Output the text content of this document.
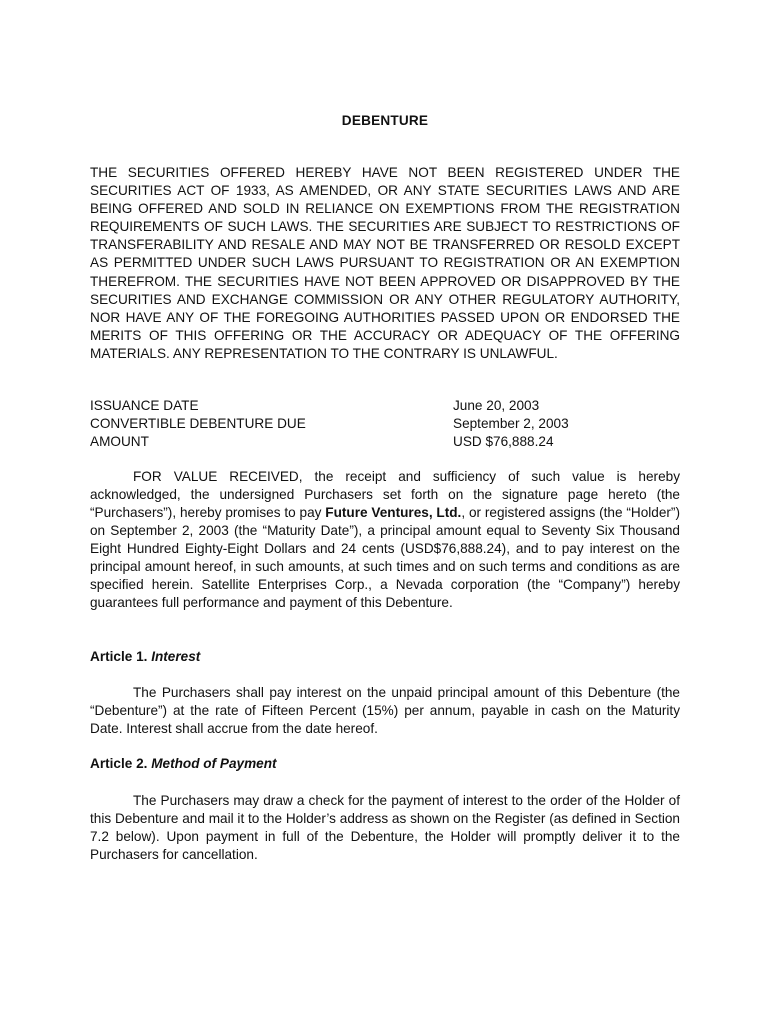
DEBENTURE
THE SECURITIES OFFERED HEREBY HAVE NOT BEEN REGISTERED UNDER THE SECURITIES ACT OF 1933, AS AMENDED, OR ANY STATE SECURITIES LAWS AND ARE BEING OFFERED AND SOLD IN RELIANCE ON EXEMPTIONS FROM THE REGISTRATION REQUIREMENTS OF SUCH LAWS. THE SECURITIES ARE SUBJECT TO RESTRICTIONS OF TRANSFERABILITY AND RESALE AND MAY NOT BE TRANSFERRED OR RESOLD EXCEPT AS PERMITTED UNDER SUCH LAWS PURSUANT TO REGISTRATION OR AN EXEMPTION THEREFROM. THE SECURITIES HAVE NOT BEEN APPROVED OR DISAPPROVED BY THE SECURITIES AND EXCHANGE COMMISSION OR ANY OTHER REGULATORY AUTHORITY, NOR HAVE ANY OF THE FOREGOING AUTHORITIES PASSED UPON OR ENDORSED THE MERITS OF THIS OFFERING OR THE ACCURACY OR ADEQUACY OF THE OFFERING MATERIALS. ANY REPRESENTATION TO THE CONTRARY IS UNLAWFUL.
ISSUANCE DATE	June 20, 2003
CONVERTIBLE DEBENTURE DUE	September 2, 2003
AMOUNT	USD $76,888.24
FOR VALUE RECEIVED, the receipt and sufficiency of such value is hereby acknowledged, the undersigned Purchasers set forth on the signature page hereto (the “Purchasers”), hereby promises to pay Future Ventures, Ltd., or registered assigns (the “Holder”) on September 2, 2003 (the “Maturity Date”), a principal amount equal to Seventy Six Thousand Eight Hundred Eighty-Eight Dollars and 24 cents (USD$76,888.24), and to pay interest on the principal amount hereof, in such amounts, at such times and on such terms and conditions as are specified herein. Satellite Enterprises Corp., a Nevada corporation (the “Company”) hereby guarantees full performance and payment of this Debenture.
Article 1. Interest
The Purchasers shall pay interest on the unpaid principal amount of this Debenture (the “Debenture”) at the rate of Fifteen Percent (15%) per annum, payable in cash on the Maturity Date. Interest shall accrue from the date hereof.
Article 2. Method of Payment
The Purchasers may draw a check for the payment of interest to the order of the Holder of this Debenture and mail it to the Holder’s address as shown on the Register (as defined in Section 7.2 below). Upon payment in full of the Debenture, the Holder will promptly deliver it to the Purchasers for cancellation.
